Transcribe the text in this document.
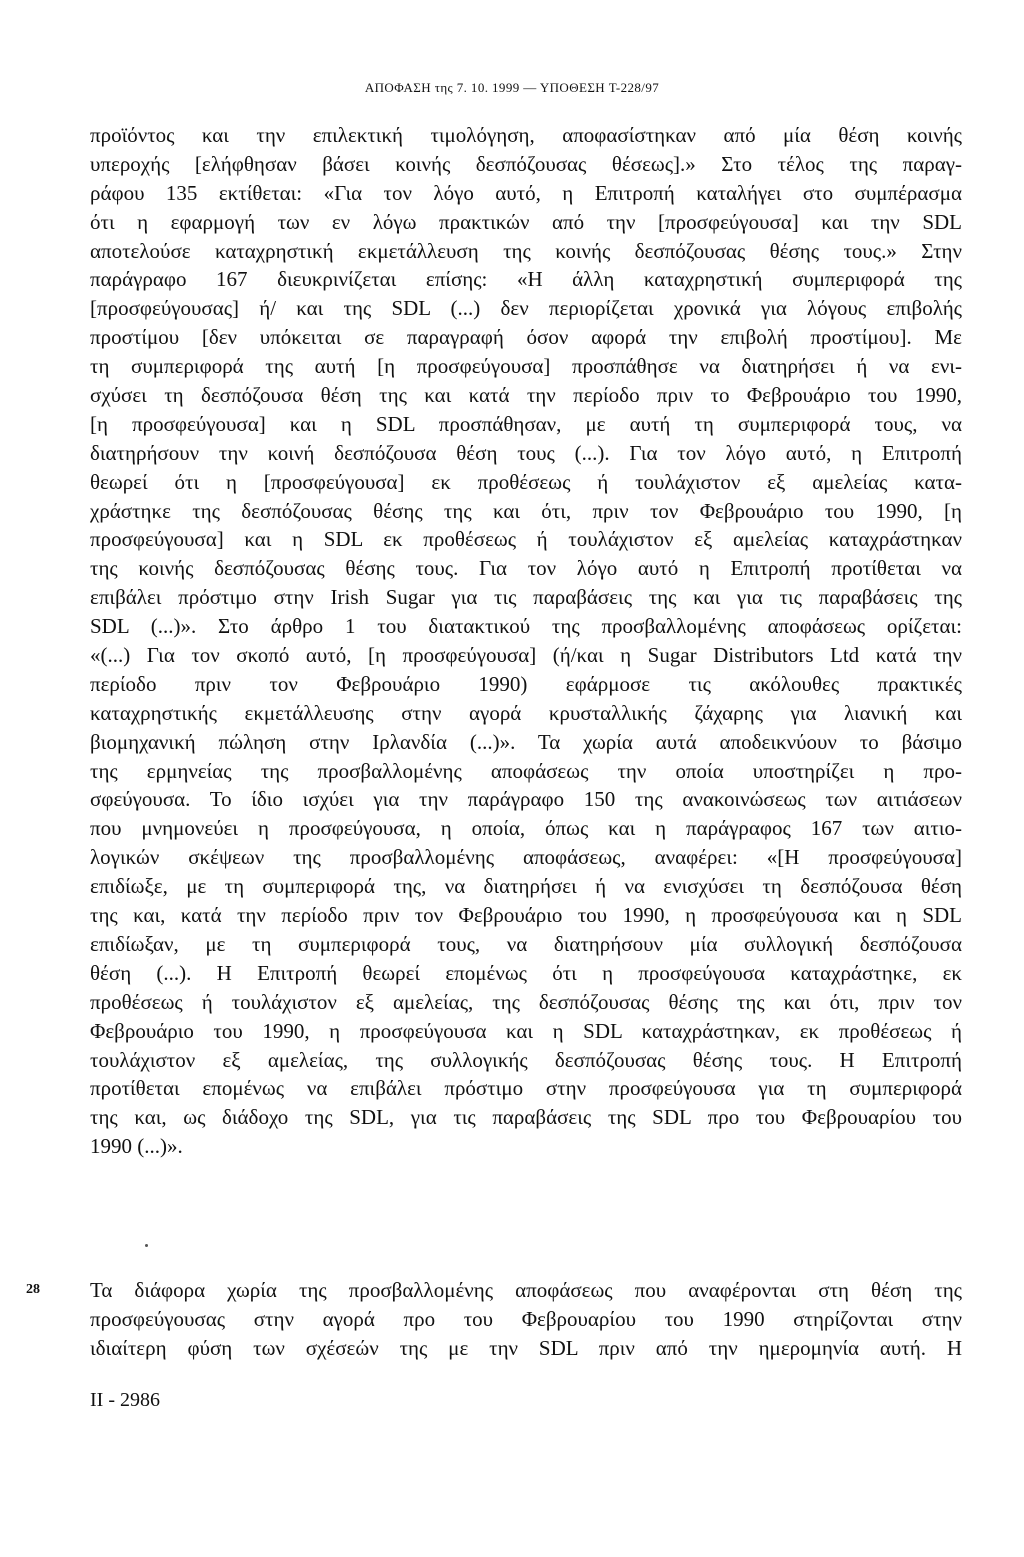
ΑΠΟΦΑΣΗ της 7. 10. 1999 — ΥΠΟΘΕΣΗ T-228/97
προϊόντος και την επιλεκτική τιμολόγηση, αποφασίστηκαν από μία θέση κοινής
υπεροχής [ελήφθησαν βάσει κοινής δεσπόζουσας θέσεως].» Στο τέλος της παραγ-
ράφου 135 εκτίθεται: «Για τον λόγο αυτό, η Επιτροπή καταλήγει στο συμπέρασμα
ότι η εφαρμογή των εν λόγω πρακτικών από την [προσφεύγουσα] και την SDL
αποτελούσε καταχρηστική εκμετάλλευση της κοινής δεσπόζουσας θέσης τους.» Στην
παράγραφο 167 διευκρινίζεται επίσης: «Η άλλη καταχρηστική συμπεριφορά της
[προσφεύγουσας] ή/ και της SDL (...) δεν περιορίζεται χρονικά για λόγους επιβολής
προστίμου [δεν υπόκειται σε παραγραφή όσον αφορά την επιβολή προστίμου]. Με
τη συμπεριφορά της αυτή [η προσφεύγουσα] προσπάθησε να διατηρήσει ή να ενι-
σχύσει τη δεσπόζουσα θέση της και κατά την περίοδο πριν το Φεβρουάριο του 1990,
[η προσφεύγουσα] και η SDL προσπάθησαν, με αυτή τη συμπεριφορά τους, να
διατηρήσουν την κοινή δεσπόζουσα θέση τους (...). Για τον λόγο αυτό, η Επιτροπή
θεωρεί ότι η [προσφεύγουσα] εκ προθέσεως ή τουλάχιστον εξ αμελείας κατα-
χράστηκε της δεσπόζουσας θέσης της και ότι, πριν τον Φεβρουάριο του 1990, [η
προσφεύγουσα] και η SDL εκ προθέσεως ή τουλάχιστον εξ αμελείας καταχράστηκαν
της κοινής δεσπόζουσας θέσης τους. Για τον λόγο αυτό η Επιτροπή προτίθεται να
επιβάλει πρόστιμο στην Irish Sugar για τις παραβάσεις της και για τις παραβάσεις της
SDL (...)». Στο άρθρο 1 του διατακτικού της προσβαλλομένης αποφάσεως ορίζεται:
«(...) Για τον σκοπό αυτό, [η προσφεύγουσα] (ή/και η Sugar Distributors Ltd κατά την
περίοδο πριν τον Φεβρουάριο 1990) εφάρμοσε τις ακόλουθες πρακτικές
καταχρηστικής εκμετάλλευσης στην αγορά κρυσταλλικής ζάχαρης για λιανική και
βιομηχανική πώληση στην Ιρλανδία (...)». Τα χωρία αυτά αποδεικνύουν το βάσιμο
της ερμηνείας της προσβαλλομένης αποφάσεως την οποία υποστηρίζει η προ-
σφεύγουσα. Το ίδιο ισχύει για την παράγραφο 150 της ανακοινώσεως των αιτιάσεων
που μνημονεύει η προσφεύγουσα, η οποία, όπως και η παράγραφος 167 των αιτιο-
λογικών σκέψεων της προσβαλλομένης αποφάσεως, αναφέρει: «[Η προσφεύγουσα]
επιδίωξε, με τη συμπεριφορά της, να διατηρήσει ή να ενισχύσει τη δεσπόζουσα θέση
της και, κατά την περίοδο πριν τον Φεβρουάριο του 1990, η προσφεύγουσα και η SDL
επιδίωξαν, με τη συμπεριφορά τους, να διατηρήσουν μία συλλογική δεσπόζουσα
θέση (...). Η Επιτροπή θεωρεί επομένως ότι η προσφεύγουσα καταχράστηκε, εκ
προθέσεως ή τουλάχιστον εξ αμελείας, της δεσπόζουσας θέσης της και ότι, πριν τον
Φεβρουάριο του 1990, η προσφεύγουσα και η SDL καταχράστηκαν, εκ προθέσεως ή
τουλάχιστον εξ αμελείας, της συλλογικής δεσπόζουσας θέσης τους. Η Επιτροπή
προτίθεται επομένως να επιβάλει πρόστιμο στην προσφεύγουσα για τη συμπεριφορά
της και, ως διάδοχο της SDL, για τις παραβάσεις της SDL προ του Φεβρουαρίου του
1990 (...)».
28 Τα διάφορα χωρία της προσβαλλομένης αποφάσεως που αναφέρονται στη θέση της
προσφεύγουσας στην αγορά προ του Φεβρουαρίου του 1990 στηρίζονται στην
ιδιαίτερη φύση των σχέσεών της με την SDL πριν από την ημερομηνία αυτή. Η
II - 2986
